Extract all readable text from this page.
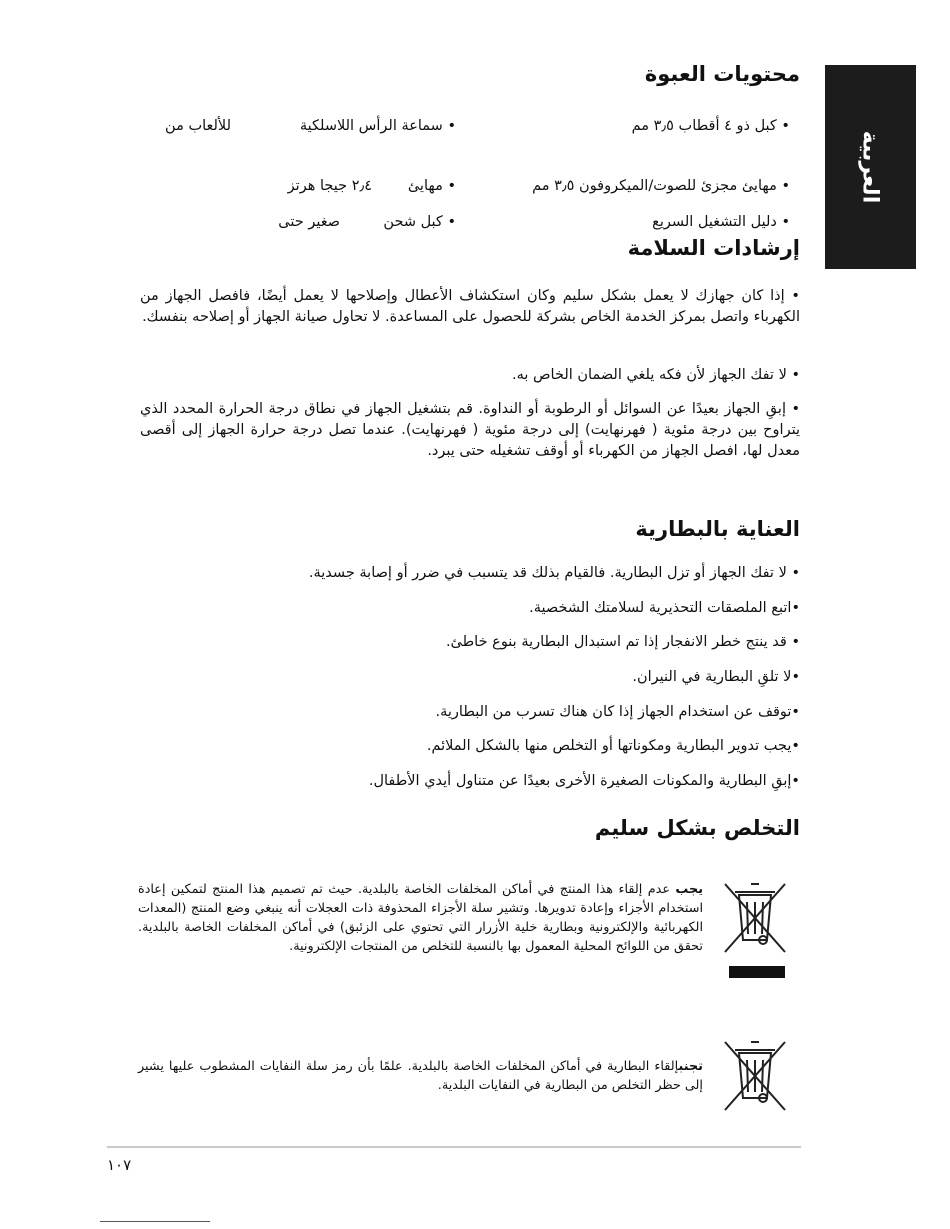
العربية
محتويات العبوة
• كبل ذو ٤ أقطاب ٣٫٥ مم
• سماعة الرأس اللاسلكية
للألعاب من
• مهايئ مجزئ للصوت/الميكروفون ٣٫٥ مم
• مهايئ
٢٫٤ جيجا هرتز
• دليل التشغيل السريع
• كبل شحن
صغير حتى
إرشادات السلامة
• إذا كان جهازك لا يعمل بشكل سليم وكان استكشاف الأعطال وإصلاحها لا يعمل أيضًا، فافصل الجهاز من الكهرباء واتصل بمركز الخدمة الخاص بشركة للحصول على المساعدة. لا تحاول صيانة الجهاز أو إصلاحه بنفسك.
• لا تفك الجهاز لأن فكه يلغي الضمان الخاص به.
• إبقِ الجهاز بعيدًا عن السوائل أو الرطوبة أو النداوة. قم بتشغيل الجهاز في نطاق درجة الحرارة المحدد الذي يتراوح بين درجة مئوية ( فهرنهايت) إلى درجة مئوية ( فهرنهايت). عندما تصل درجة حرارة الجهاز إلى أقصى معدل لها، افصل الجهاز من الكهرباء أو أوقف تشغيله حتى يبرد.
العناية بالبطارية
• لا تفك الجهاز أو تزل البطارية. فالقيام بذلك قد يتسبب في ضرر أو إصابة جسدية.
•اتبع الملصقات التحذيرية لسلامتك الشخصية.
• قد ينتج خطر الانفجار إذا تم استبدال البطارية بنوع خاطئ.
•لا تلقِ البطارية في النيران.
•توقف عن استخدام الجهاز إذا كان هناك تسرب من البطارية.
•يجب تدوير البطارية ومكوناتها أو التخلص منها بالشكل الملائم.
•إبقِ البطارية والمكونات الصغيرة الأخرى بعيدًا عن متناول أيدي الأطفال.
التخلص بشكل سليم
يجب عدم إلقاء هذا المنتج في أماكن المخلفات الخاصة بالبلدية. حيث تم تصميم هذا المنتج لتمكين إعادة استخدام الأجزاء وإعادة تدويرها. وتشير سلة الأجزاء المحذوفة ذات العجلات أنه ينبغي وضع المنتج (المعدات الكهربائية والإلكترونية وبطارية خلية الأزرار التي تحتوي على الزئبق) في أماكن المخلفات الخاصة بالبلدية. تحقق من اللوائح المحلية المعمول بها بالنسبة للتخلص من المنتجات الإلكترونية.
تجنبإلقاء البطارية في أماكن المخلفات الخاصة بالبلدية. علمًا بأن رمز سلة النفايات المشطوب عليها يشير إلى حظر التخلص من البطارية في النفايات البلدية.
١٠٧
